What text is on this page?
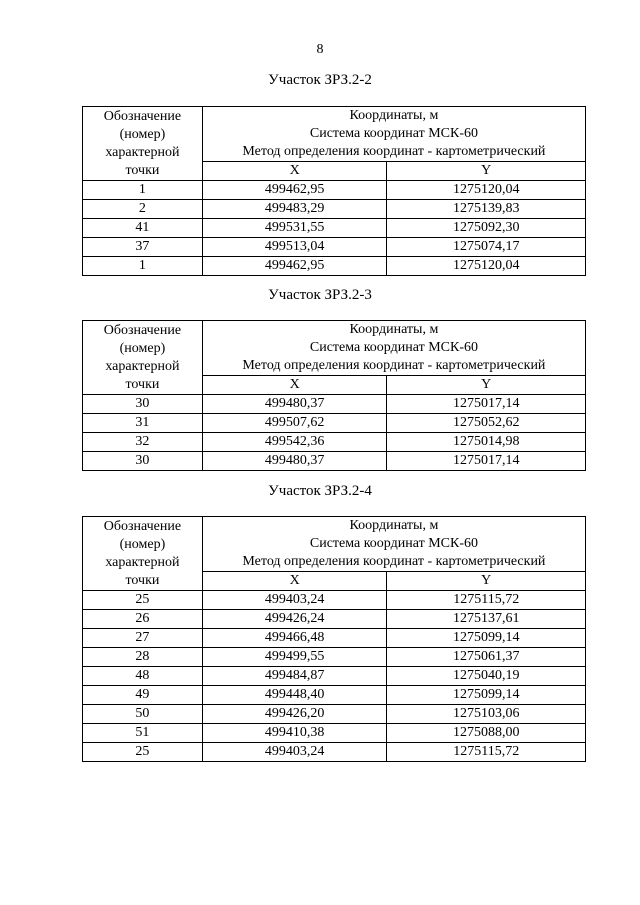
8
Участок ЗРЗ.2-2
Обозначение
(номер)
характерной
точки	Координаты, м
Система координат МСК-60
Метод определения координат - картометрический	

	X	Y
1	499462,95	1275120,04
2	499483,29	1275139,83
41	499531,55	1275092,30
37	499513,04	1275074,17
1	499462,95	1275120,04
Участок ЗРЗ.2-3
Обозначение
(номер)
характерной
точки	Координаты, м
Система координат МСК-60
Метод определения координат - картометрический	

	X	Y
30	499480,37	1275017,14
31	499507,62	1275052,62
32	499542,36	1275014,98
30	499480,37	1275017,14
Участок ЗРЗ.2-4
Обозначение
(номер)
характерной
точки	Координаты, м
Система координат МСК-60
Метод определения координат - картометрический	

	X	Y
25	499403,24	1275115,72
26	499426,24	1275137,61
27	499466,48	1275099,14
28	499499,55	1275061,37
48	499484,87	1275040,19
49	499448,40	1275099,14
50	499426,20	1275103,06
51	499410,38	1275088,00
25	499403,24	1275115,72
